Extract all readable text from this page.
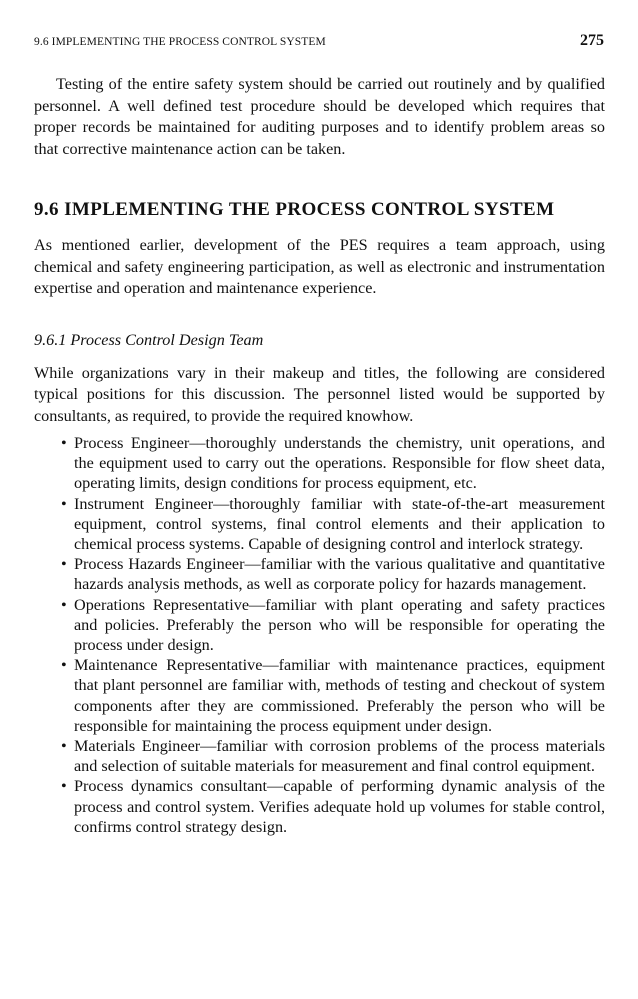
9.6 IMPLEMENTING THE PROCESS CONTROL SYSTEM	275

Testing of the entire safety system should be carried out routinely and by qualified personnel. A well defined test procedure should be developed which requires that proper records be maintained for auditing purposes and to identify problem areas so that corrective maintenance action can be taken.

9.6 IMPLEMENTING THE PROCESS CONTROL SYSTEM

As mentioned earlier, development of the PES requires a team approach, using chemical and safety engineering participation, as well as electronic and instrumentation expertise and operation and maintenance experience.

9.6.1 Process Control Design Team

While organizations vary in their makeup and titles, the following are considered typical positions for this discussion. The personnel listed would be supported by consultants, as required, to provide the required knowhow.

• Process Engineer—thoroughly understands the chemistry, unit operations, and the equipment used to carry out the operations. Responsible for flow sheet data, operating limits, design conditions for process equipment, etc.
• Instrument Engineer—thoroughly familiar with state-of-the-art measurement equipment, control systems, final control elements and their application to chemical process systems. Capable of designing control and interlock strategy.
• Process Hazards Engineer—familiar with the various qualitative and quantitative hazards analysis methods, as well as corporate policy for hazards management.
• Operations Representative—familiar with plant operating and safety practices and policies. Preferably the person who will be responsible for operating the process under design.
• Maintenance Representative—familiar with maintenance practices, equipment that plant personnel are familiar with, methods of testing and checkout of system components after they are commissioned. Preferably the person who will be responsible for maintaining the process equipment under design.
• Materials Engineer—familiar with corrosion problems of the process materials and selection of suitable materials for measurement and final control equipment.
• Process dynamics consultant—capable of performing dynamic analysis of the process and control system. Verifies adequate hold up volumes for stable control, confirms control strategy design.
